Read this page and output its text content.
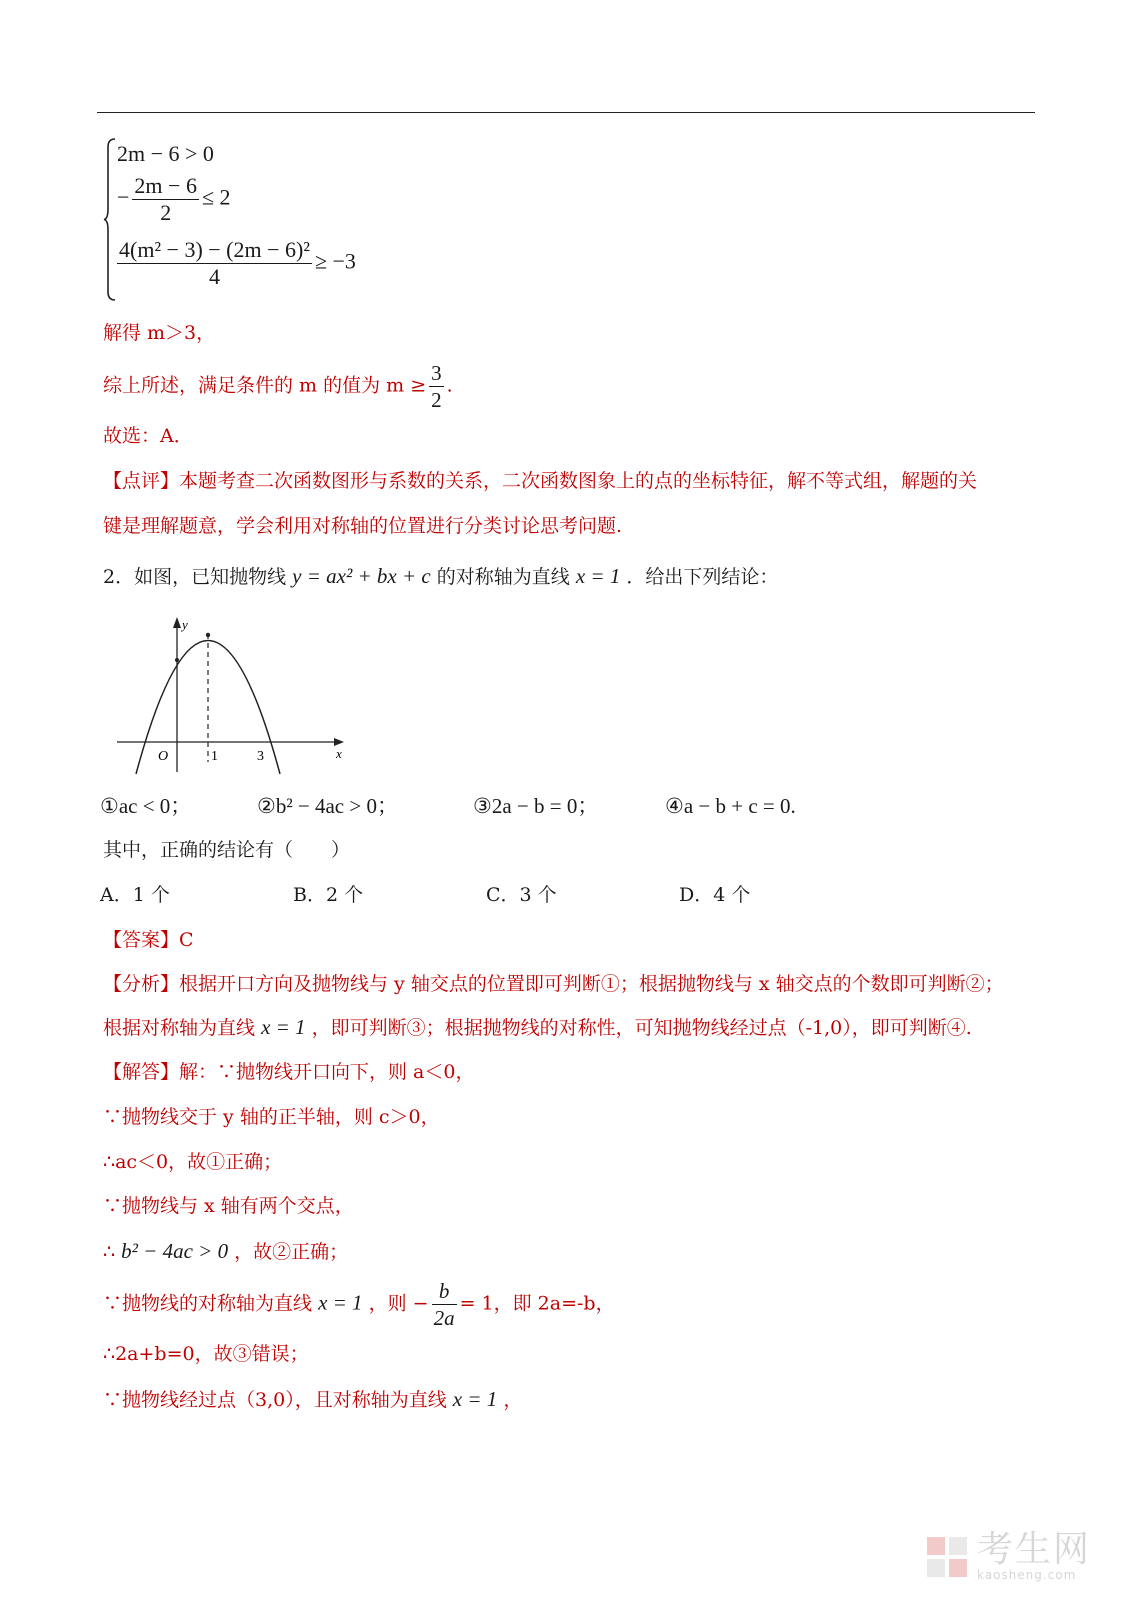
2m − 6 > 0
− $\frac{2m - 6}{2} \le 2$
$\frac{\text{4(m² − 3) − (2m − 6)²}}{4} \ge -3$
解得 m＞3，
综上所述，满足条件的 m 的值为 $m \ge \frac{3}{2}$ .
故选：A．
【点评】本题考查二次函数图形与系数的关系，二次函数图象上的点的坐标特征，解不等式组，解题的关
键是理解题意，学会利用对称轴的位置进行分类讨论思考问题.
2．如图，已知抛物线 y = ax² + bx + c 的对称轴为直线 x = 1 ．给出下列结论：
y
x
O	1	3
①ac < 0；	②b² − 4ac > 0；	③2a − b = 0；	④a − b + c = 0.
其中，正确的结论有（　　）
A．1 个	B．2 个	C．3 个	D．4 个
【答案】C
【分析】根据开口方向及抛物线与 y 轴交点的位置即可判断①；根据抛物线与 x 轴交点的个数即可判断②；
根据对称轴为直线 x = 1 ，即可判断③；根据抛物线的对称性，可知抛物线经过点（-1,0），即可判断④.
【解答】解：∵抛物线开口向下，则 a＜0，
∵抛物线交于 y 轴的正半轴，则 c＞0，
∴ac＜0，故①正确；
∵抛物线与 x 轴有两个交点，
∴ b² − 4ac > 0 ，故②正确；
∵抛物线的对称轴为直线 x = 1 ，则 − $\frac{b}{2a} = 1$，即 2a=-b，
∴2a+b=0，故③错误；
∵抛物线经过点（3,0），且对称轴为直线 x = 1 ，
考生网
kaosheng.com
